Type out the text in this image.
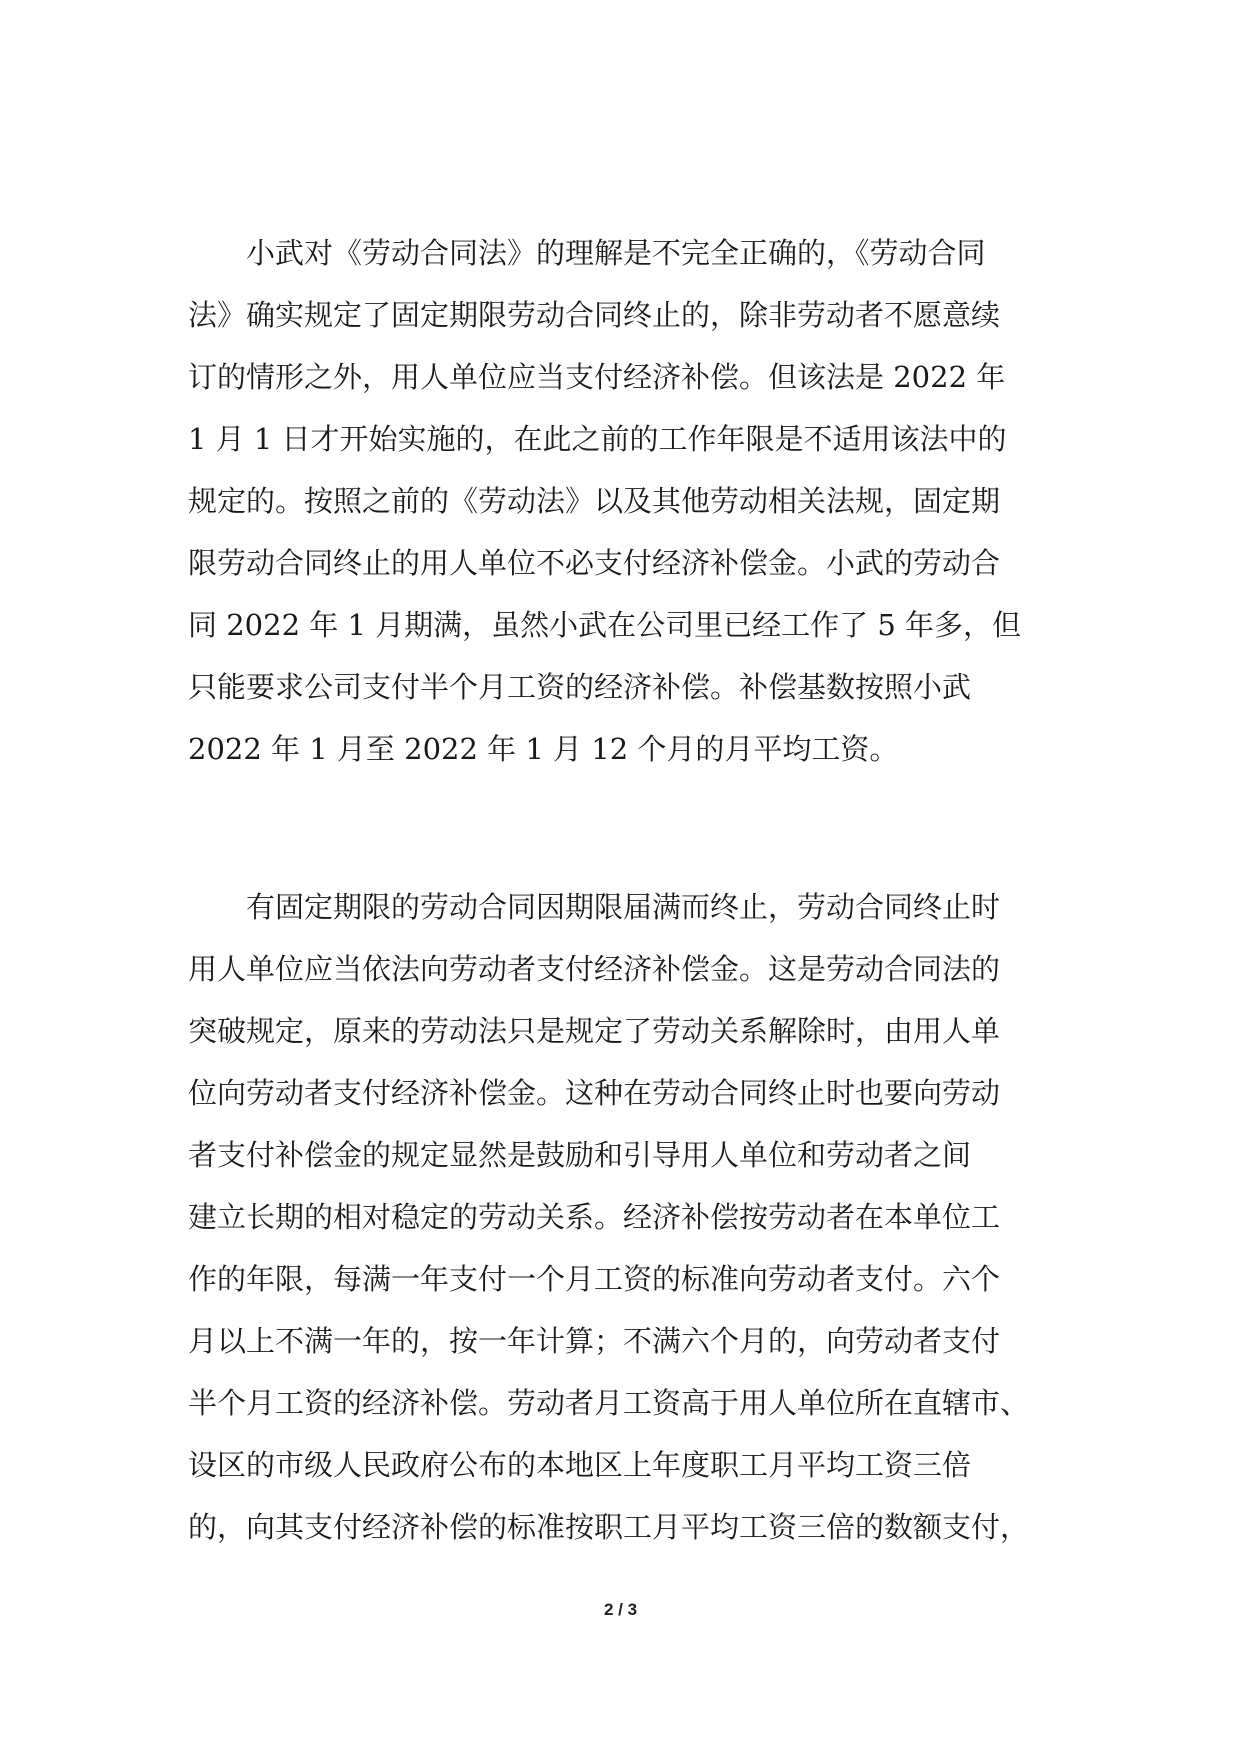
小武对《劳动合同法》的理解是不完全正确的，《劳动合同
法》确实规定了固定期限劳动合同终止的，除非劳动者不愿意续
订的情形之外，用人单位应当支付经济补偿。但该法是 2022 年
1 月 1 日才开始实施的，在此之前的工作年限是不适用该法中的
规定的。按照之前的《劳动法》以及其他劳动相关法规，固定期
限劳动合同终止的用人单位不必支付经济补偿金。小武的劳动合
同 2022 年 1 月期满，虽然小武在公司里已经工作了 5 年多，但
只能要求公司支付半个月工资的经济补偿。补偿基数按照小武
2022 年 1 月至 2022 年 1 月 12 个月的月平均工资。
有固定期限的劳动合同因期限届满而终止，劳动合同终止时
用人单位应当依法向劳动者支付经济补偿金。这是劳动合同法的
突破规定，原来的劳动法只是规定了劳动关系解除时，由用人单
位向劳动者支付经济补偿金。这种在劳动合同终止时也要向劳动
者支付补偿金的规定显然是鼓励和引导用人单位和劳动者之间
建立长期的相对稳定的劳动关系。经济补偿按劳动者在本单位工
作的年限，每满一年支付一个月工资的标准向劳动者支付。六个
月以上不满一年的，按一年计算；不满六个月的，向劳动者支付
半个月工资的经济补偿。劳动者月工资高于用人单位所在直辖市、
设区的市级人民政府公布的本地区上年度职工月平均工资三倍
的，向其支付经济补偿的标准按职工月平均工资三倍的数额支付，
2 / 3
